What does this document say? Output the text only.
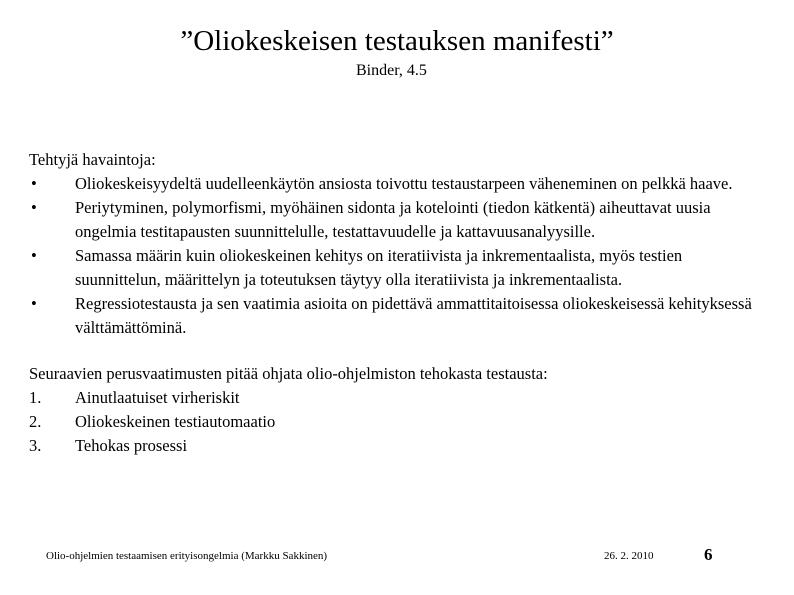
”Oliokeskeisen testauksen manifesti”
Binder, 4.5

Tehtyjä havaintoja:

•	Oliokeskeisyydeltä uudelleenkäytön ansiosta toivottu testaustarpeen väheneminen on pelkkä haave.
•	Periytyminen, polymorfismi, myöhäinen sidonta ja kotelointi (tiedon kätkentä) aiheuttavat uusia ongelmia testitapausten suunnittelulle, testattavuudelle ja kattavuusanalyysille.
•	Samassa määrin kuin oliokeskeinen kehitys on iteratiivista ja inkrementaalista, myös testien suunnittelun, määrittelyn ja toteutuksen täytyy olla iteratiivista ja inkrementaalista.
•	Regressiotestausta ja sen vaatimia asioita on pidettävä ammattitaitoisessa oliokeskeisessä kehityksessä välttämättöminä.

Seuraavien perusvaatimusten pitää ohjata olio-ohjelmiston tehokasta testausta:

1.	Ainutlaatuiset virheriskit
2.	Oliokeskeinen testiautomaatio
3.	Tehokas prosessi
Olio-ohjelmien testaamisen erityisongelmia (Markku Sakkinen)	26. 2. 2010	6
